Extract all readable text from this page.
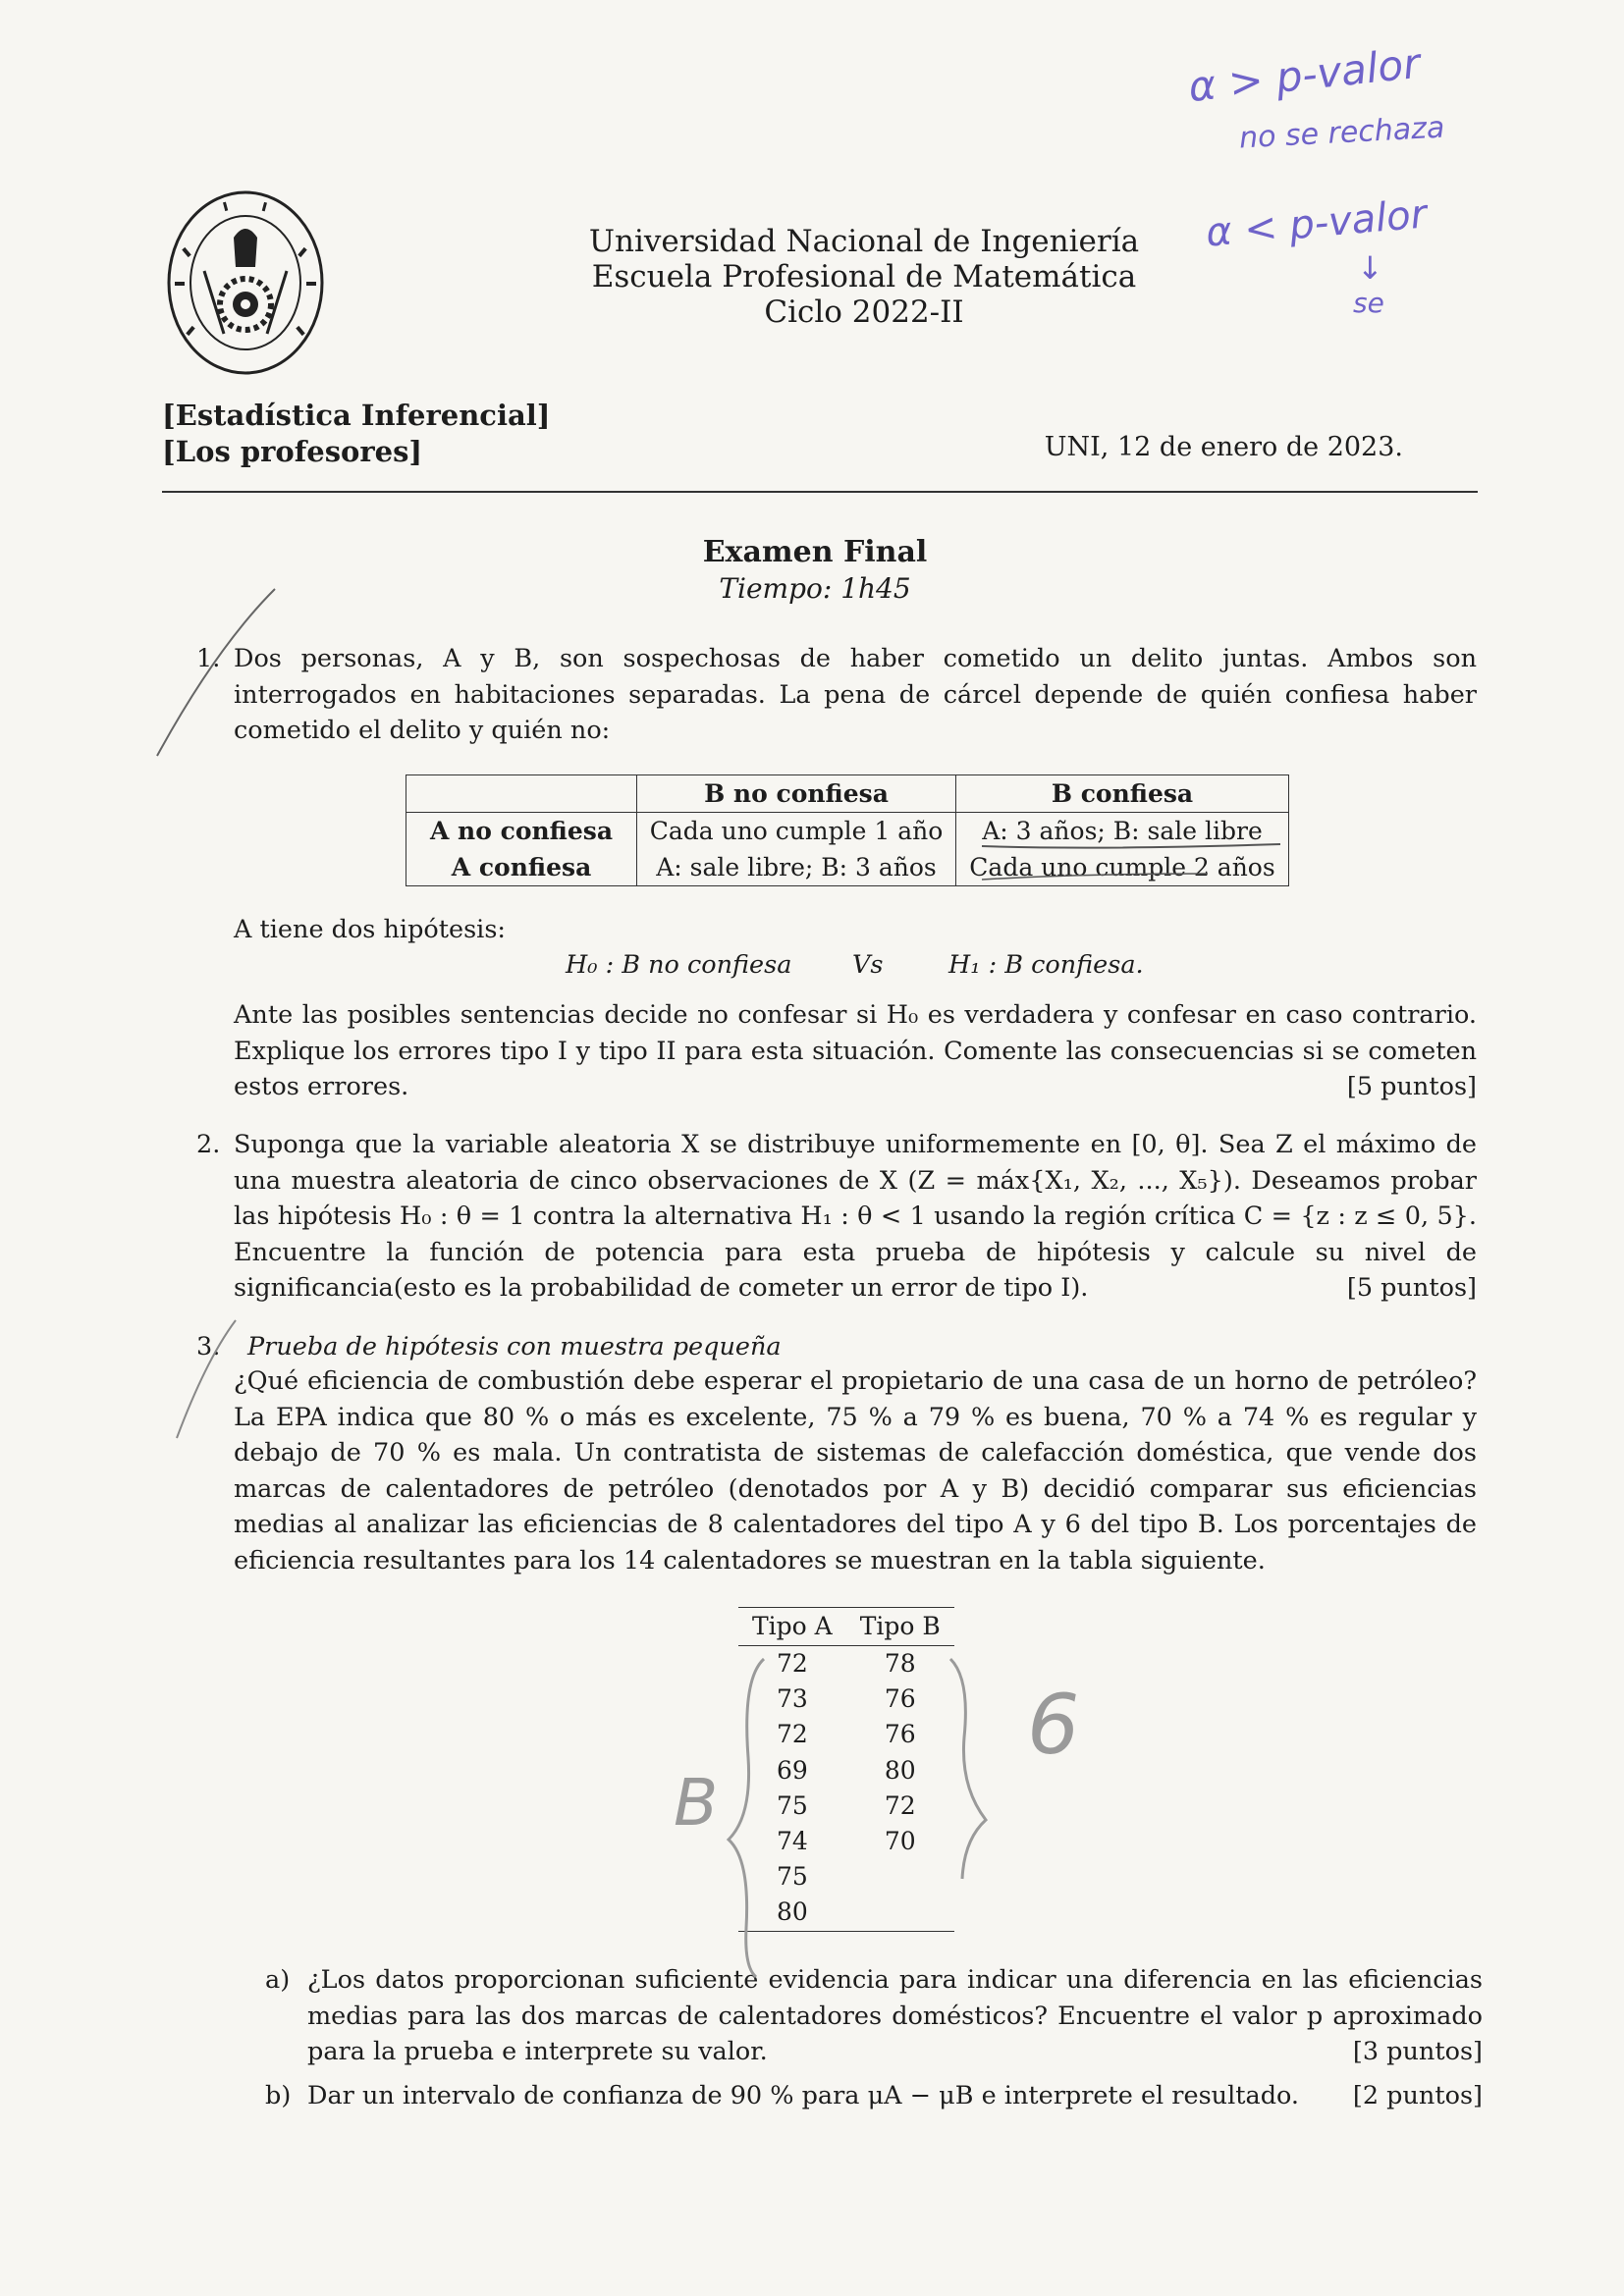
Universidad Nacional de Ingeniería
Escuela Profesional de Matemática
Ciclo 2022-II
[Estadística Inferencial]
[Los profesores]	UNI, 12 de enero de 2023.
Examen Final
Tiempo: 1h45
1. Dos personas, A y B, son sospechosas de haber cometido un delito juntas. Ambos son interrogados en habitaciones separadas. La pena de cárcel depende de quién confiesa haber cometido el delito y quién no:
	B no confiesa	B confiesa
A no confiesa	Cada uno cumple 1 año	A: 3 años; B: sale libre
A confiesa	A: sale libre; B: 3 años	Cada uno cumple 2 años
A tiene dos hipótesis:
H₀ : B no confiesa Vs	H₁ : B confiesa.
Ante las posibles sentencias decide no confesar si H₀ es verdadera y confesar en caso contrario. Explique los errores tipo I y tipo II para esta situación. Comente las consecuencias si se cometen estos errores.	[5 puntos]
2. Suponga que la variable aleatoria X se distribuye uniformemente en [0, θ]. Sea Z el máximo de una muestra aleatoria de cinco observaciones de X (Z = máx{X₁, X₂, ..., X₅}). Deseamos probar las hipótesis H₀ : θ = 1 contra la alternativa H₁ : θ < 1 usando la región crítica C = {z : z ≤ 0, 5}. Encuentre la función de potencia para esta prueba de hipótesis y calcule su nivel de significancia(esto es la probabilidad de cometer un error de tipo I).	[5 puntos]
3. Prueba de hipótesis con muestra pequeña
¿Qué eficiencia de combustión debe esperar el propietario de una casa de un horno de petróleo? La EPA indica que 80 % o más es excelente, 75 % a 79 % es buena, 70 % a 74 % es regular y debajo de 70 % es mala. Un contratista de sistemas de calefacción doméstica, que vende dos marcas de calentadores de petróleo (denotados por A y B) decidió comparar sus eficiencias medias al analizar las eficiencias de 8 calentadores del tipo A y 6 del tipo B. Los porcentajes de eficiencia resultantes para los 14 calentadores se muestran en la tabla siguiente.
Tipo A	Tipo B
72	78
73	76
72	76
69	80
75	72
74	70
75	
80	
a) ¿Los datos proporcionan suficiente evidencia para indicar una diferencia en las eficiencias medias para las dos marcas de calentadores domésticos? Encuentre el valor p aproximado para la prueba e interprete su valor.	[3 puntos]
b) Dar un intervalo de confianza de 90 % para μA − μB e interprete el resultado. [2 puntos]
α > p-valor
no se rechaza
α < p-valor
↓
se
B
6
